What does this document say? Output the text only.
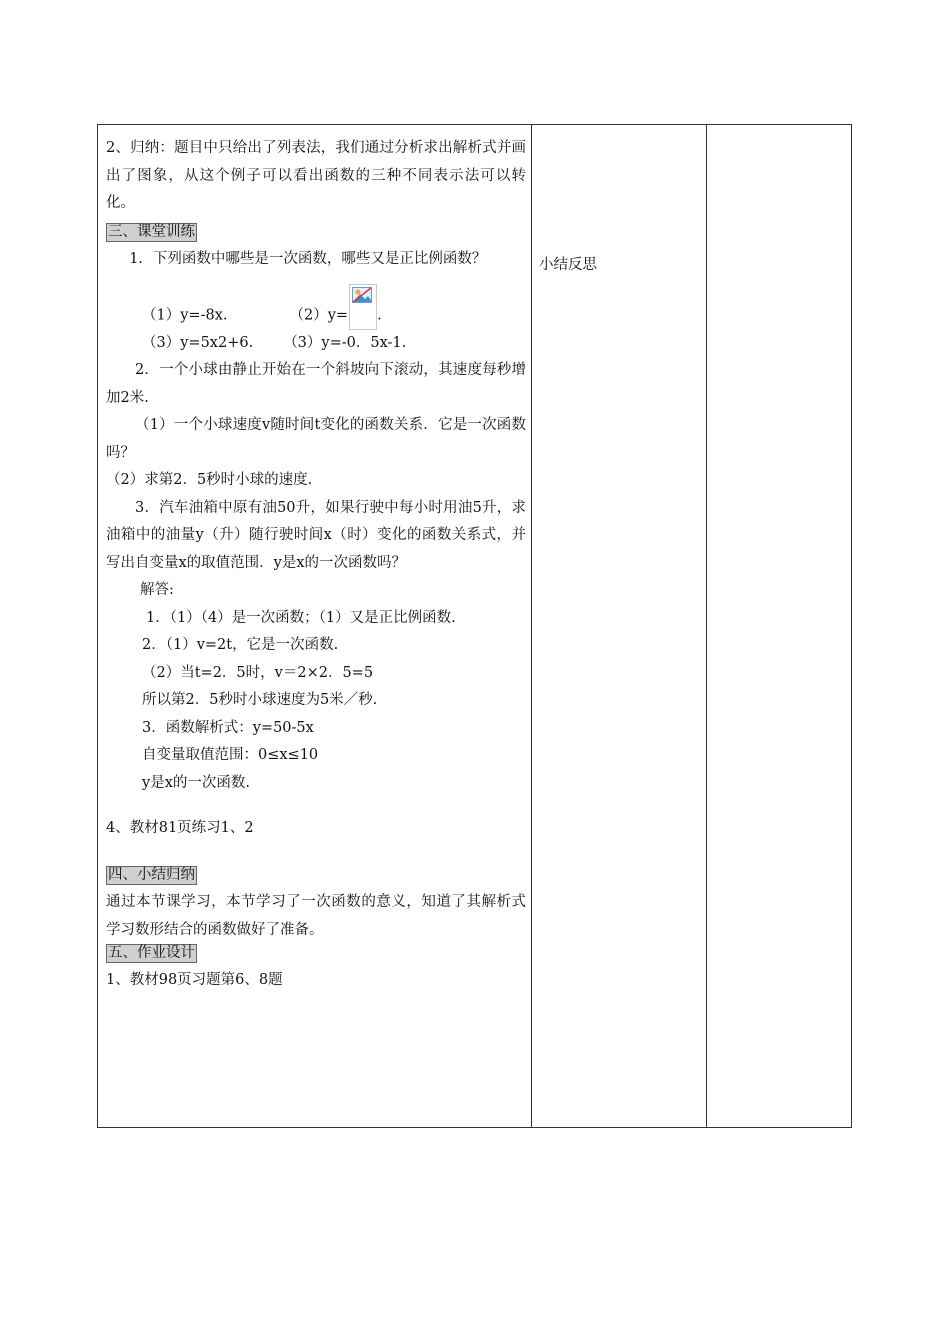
2、归纳：题目中只给出了列表法，我们通过分析求出解析式并画出了图象，从这个例子可以看出函数的三种不同表示法可以转化。

三、课堂训练

1．下列函数中哪些是一次函数，哪些又是正比例函数？

（1）y=-8x.	（2）y= .

（3）y=5x2+6. （3）y=-0．5x-1.

2．一个小球由静止开始在一个斜坡向下滚动，其速度每秒增加2米.

（1）一个小球速度v随时间t变化的函数关系．它是一次函数吗？

（2）求第2．5秒时小球的速度.

3．汽车油箱中原有油50升，如果行驶中每小时用油5升，求油箱中的油量y（升）随行驶时间x（时）变化的函数关系式，并写出自变量x的取值范围．y是x的一次函数吗？

解答:

1．（1）（4）是一次函数；（1）又是正比例函数.

2．（1）v=2t，它是一次函数.

（2）当t=2．5时，v＝2×2．5=5

所以第2．5秒时小球速度为5米／秒.

3．函数解析式：y=50-5x

自变量取值范围：0≤x≤10

y是x的一次函数.

4、教材81页练习1、2

四、小结归纳

通过本节课学习，本节学习了一次函数的意义，知道了其解析式学习数形结合的函数做好了准备。

五、作业设计

1、教材98页习题第6、8题

小结反思
